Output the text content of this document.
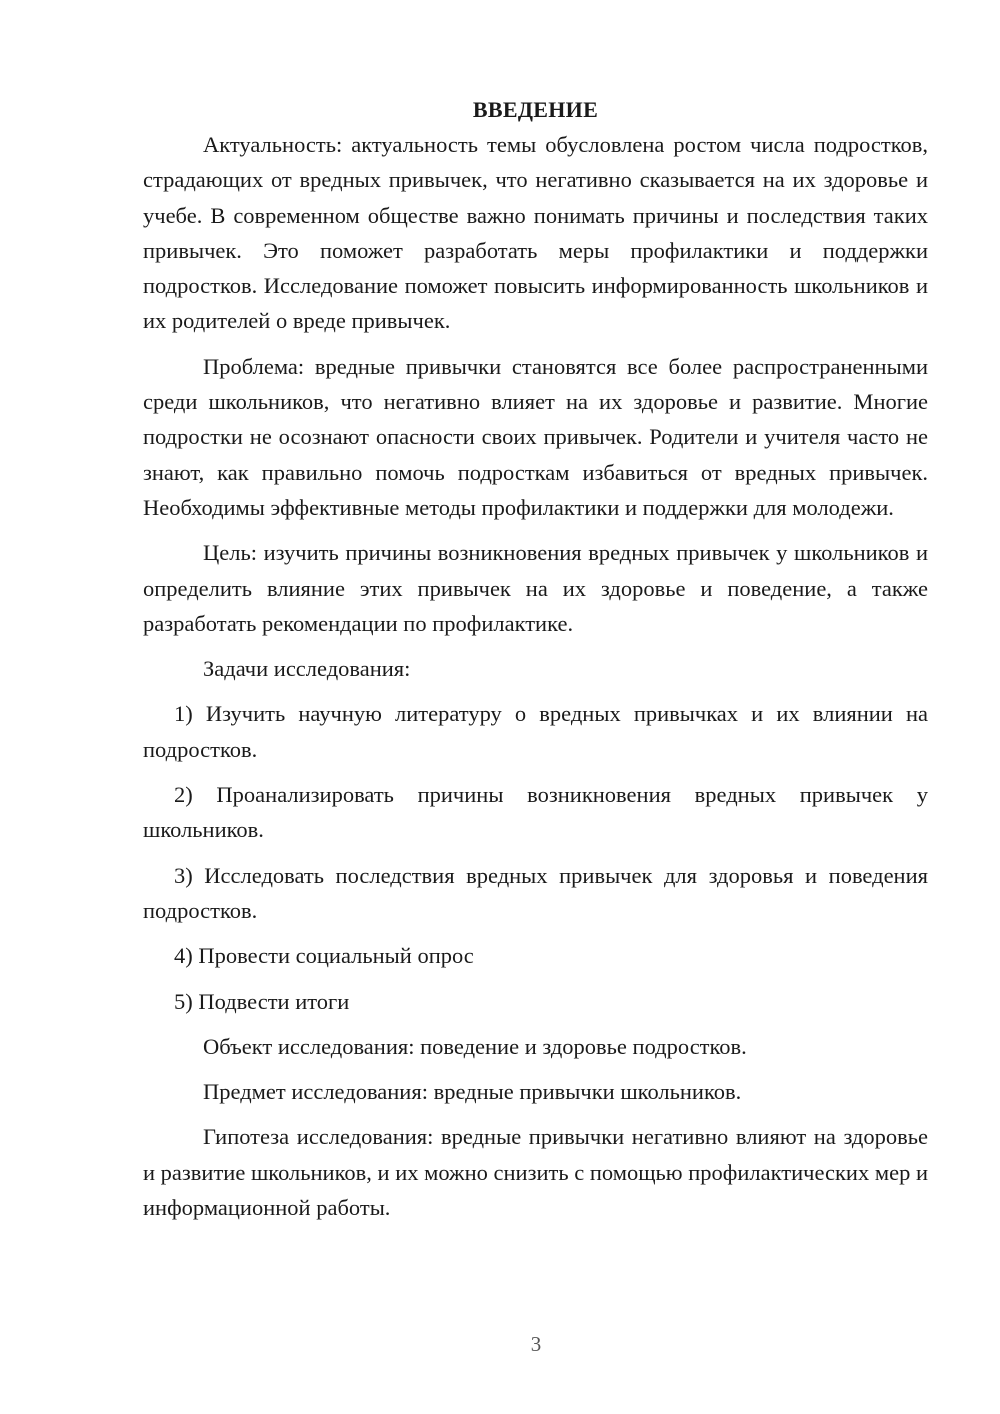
ВВЕДЕНИЕ

Актуальность: актуальность темы обусловлена ростом числа подростков, страдающих от вредных привычек, что негативно сказывается на их здоровье и учебе. В современном обществе важно понимать причины и последствия таких привычек. Это поможет разработать меры профилактики и поддержки подростков. Исследование поможет повысить информированность школьников и их родителей о вреде привычек.

Проблема: вредные привычки становятся все более распространенными среди школьников, что негативно влияет на их здоровье и развитие. Многие подростки не осознают опасности своих привычек. Родители и учителя часто не знают, как правильно помочь подросткам избавиться от вредных привычек. Необходимы эффективные методы профилактики и поддержки для молодежи.

Цель: изучить причины возникновения вредных привычек у школьников и определить влияние этих привычек на их здоровье и поведение, а также разработать рекомендации по профилактике.

Задачи исследования:

1) Изучить научную литературу о вредных привычках и их влиянии на подростков.

2) Проанализировать причины возникновения вредных привычек у школьников.

3) Исследовать последствия вредных привычек для здоровья и поведения подростков.

4) Провести социальный опрос

5) Подвести итоги

Объект исследования: поведение и здоровье подростков.

Предмет исследования: вредные привычки школьников.

Гипотеза исследования: вредные привычки негативно влияют на здоровье и развитие школьников, и их можно снизить с помощью профилактических мер и информационной работы.

3
